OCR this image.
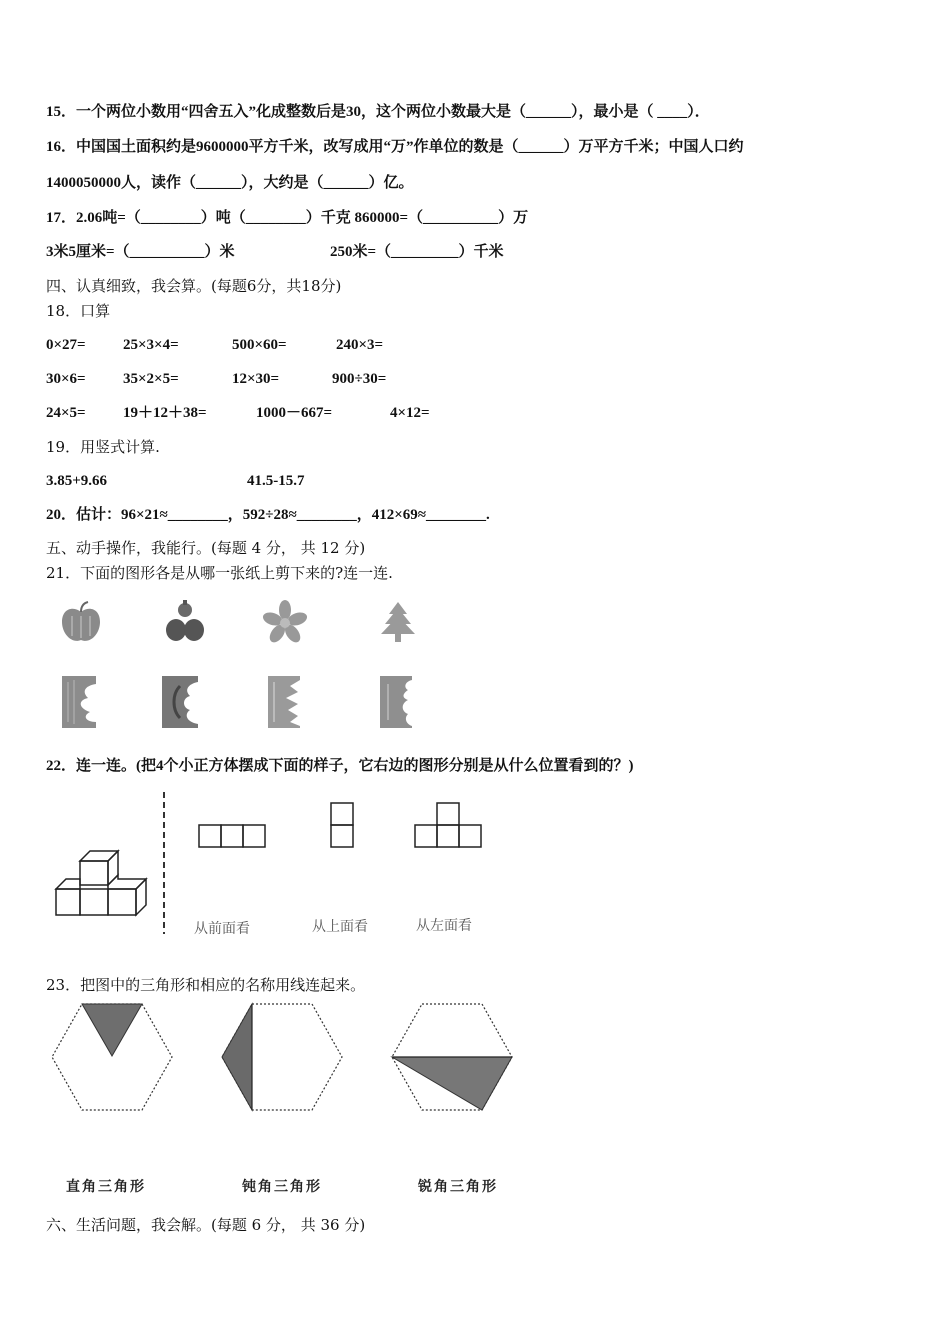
15．一个两位小数用“四舍五入”化成整数后是30，这个两位小数最大是（______），最小是（ ____）．
16．中国国土面积约是9600000平方千米，改写成用“万”作单位的数是（______）万平方千米；中国人口约
1400050000人，读作（______），大约是（______）亿。
17．2.06吨=（________）吨（________）千克 860000=（__________）万
3米5厘米=（__________）米	250米=（_________）千米
四、认真细致，我会算。(每题6分，共18分)
18．口算
0×27= 25×3×4=	500×60=	240×3=
30×6= 35×2×5=	12×30=	900÷30=
24×5= 19＋12＋38=	1000－667=	4×12=
19．用竖式计算.
3.85+9.66	41.5-15.7
20．估计：96×21≈________，592÷28≈________，412×69≈________.
五、动手操作，我能行。(每题 4 分， 共 12 分)
21．下面的图形各是从哪一张纸上剪下来的?连一连.
22．连一连。(把4个小正方体摆成下面的样子，它右边的图形分别是从什么位置看到的？)
从前面看	从上面看	从左面看
23．把图中的三角形和相应的名称用线连起来。
直角三角形	钝角三角形	锐角三角形
六、生活问题，我会解。(每题 6 分， 共 36 分)
